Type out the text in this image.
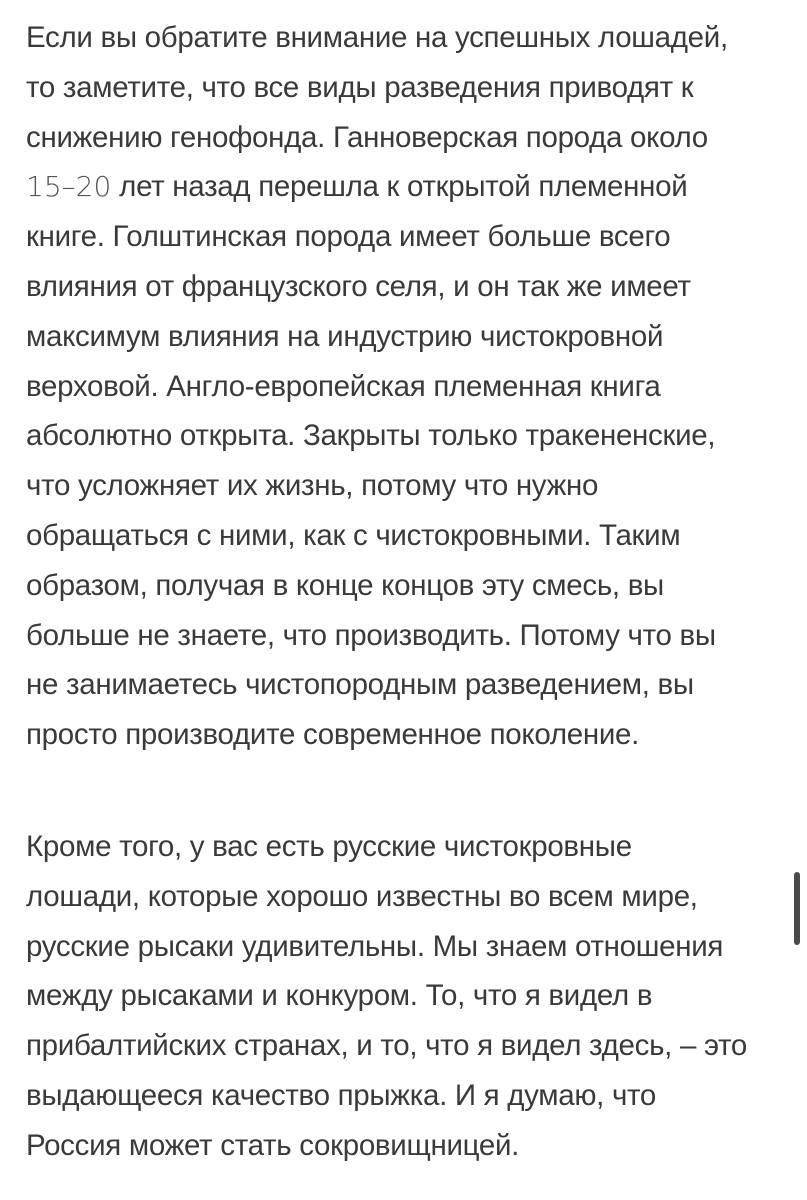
Если вы обратите внимание на успешных лошадей,
то заметите, что все виды разведения приводят к
снижению генофонда. Ганноверская порода около
15–20 лет назад перешла к открытой племенной
книге. Голштинская порода имеет больше всего
влияния от французского селя, и он так же имеет
максимум влияния на индустрию чистокровной
верховой. Англо-европейская племенная книга
абсолютно открыта. Закрыты только тракененские,
что усложняет их жизнь, потому что нужно
обращаться с ними, как с чистокровными. Таким
образом, получая в конце концов эту смесь, вы
больше не знаете, что производить. Потому что вы
не занимаетесь чистопородным разведением, вы
просто производите современное поколение.
Кроме того, у вас есть русские чистокровные
лошади, которые хорошо известны во всем мире,
русские рысаки удивительны. Мы знаем отношения
между рысаками и конкуром. То, что я видел в
прибалтийских странах, и то, что я видел здесь, – это
выдающееся качество прыжка. И я думаю, что
Россия может стать сокровищницей.
